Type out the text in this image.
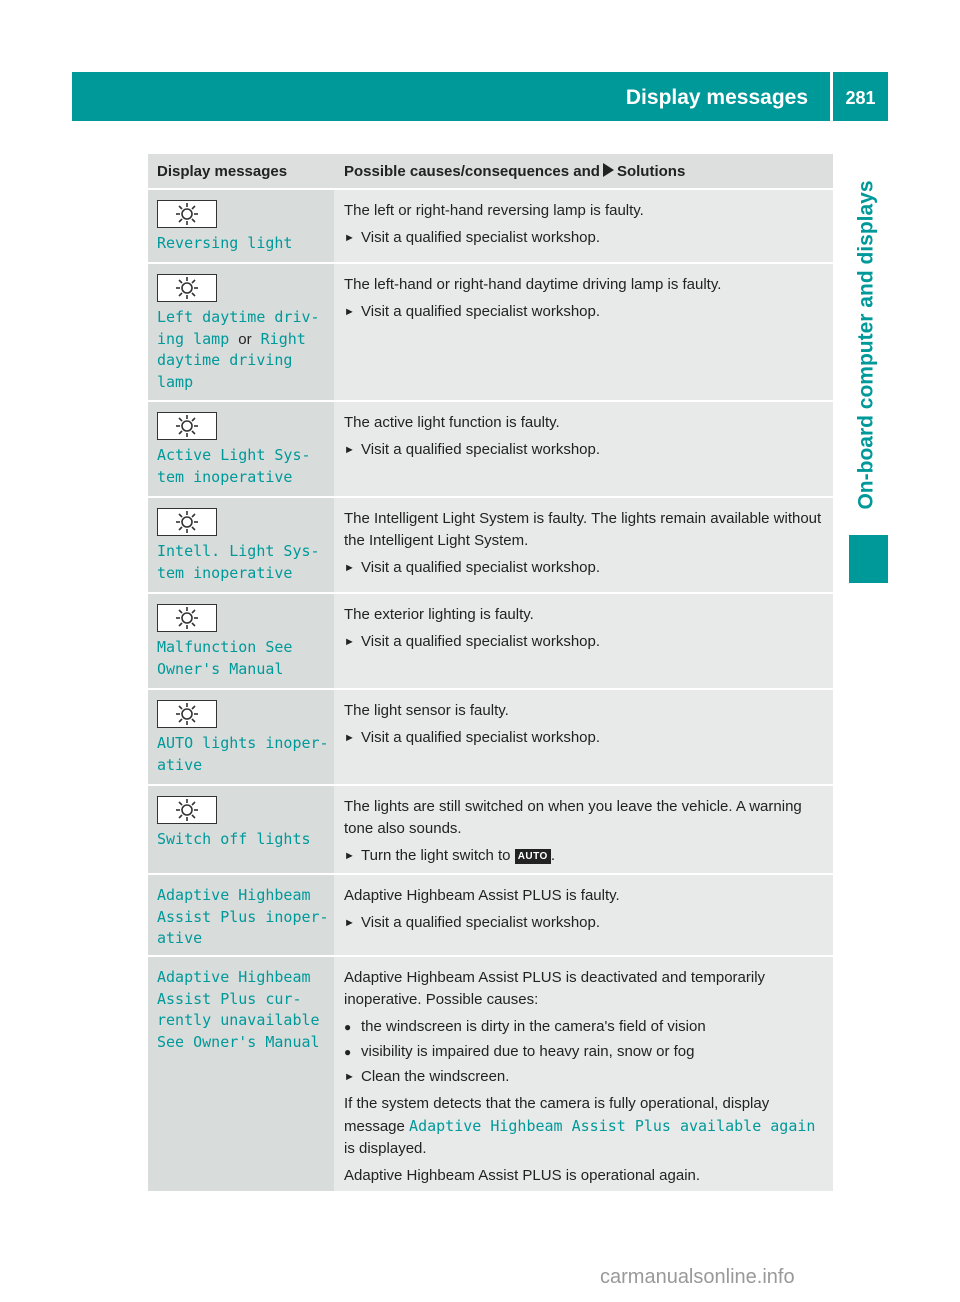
Display messages	281
On-board computer and displays
Display messages	Possible causes/consequences and Solutions
Reversing light

The left or right-hand reversing lamp is faulty.

► Visit a qualified specialist workshop.

Left daytime driv‐
ing lamp or Right
daytime driving
lamp

The left-hand or right-hand daytime driving lamp is faulty.

► Visit a qualified specialist workshop.

Active Light Sys‐
tem inoperative

The active light function is faulty.

► Visit a qualified specialist workshop.

Intell. Light Sys‐
tem inoperative

The Intelligent Light System is faulty. The lights remain available without the Intelligent Light System.

► Visit a qualified specialist workshop.

Malfunction See
Owner's Manual

The exterior lighting is faulty.

► Visit a qualified specialist workshop.

AUTO lights inoper‐
ative

The light sensor is faulty.

► Visit a qualified specialist workshop.

Switch off lights

The lights are still switched on when you leave the vehicle. A warning tone also sounds.

► Turn the light switch to AUTO .

Adaptive Highbeam
Assist Plus inoper‐
ative

Adaptive Highbeam Assist PLUS is faulty.

► Visit a qualified specialist workshop.

Adaptive Highbeam
Assist Plus cur‐
rently unavailable
See Owner's Manual

Adaptive Highbeam Assist PLUS is deactivated and temporarily inoperative. Possible causes:

● the windscreen is dirty in the camera's field of vision

● visibility is impaired due to heavy rain, snow or fog

► Clean the windscreen.

If the system detects that the camera is fully operational, display message Adaptive Highbeam Assist Plus available again is displayed.

Adaptive Highbeam Assist PLUS is operational again.

carmanualsonline.info
